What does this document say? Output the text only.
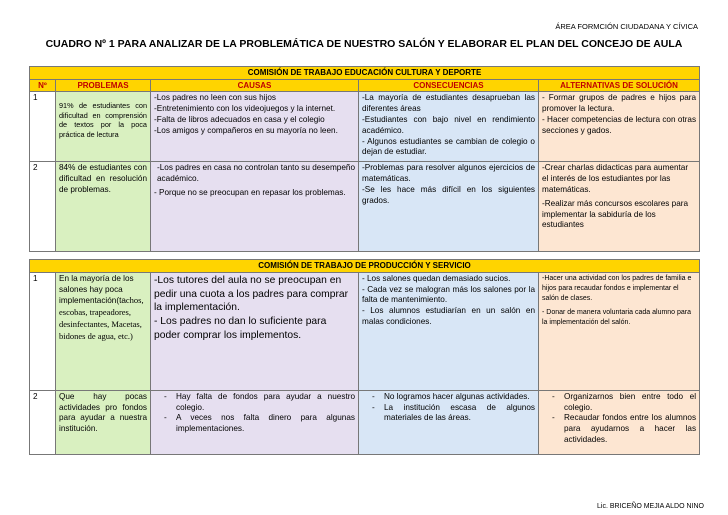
ÁREA FORMCIÓN CIUDADANA Y CÍVICA
CUADRO Nº 1 PARA ANALIZAR DE LA PROBLEMÁTICA DE NUESTRO SALÓN Y ELABORAR EL PLAN DEL CONCEJO DE AULA
COMISIÓN DE TRABAJO EDUCACIÓN CULTURA Y DEPORTE				
Nº	PROBLEMAS	CAUSAS	CONSECUENCIAS	ALTERNATIVAS DE SOLUCIÓN
1	91% de estudiantes con dificultad en comprensión de textos por la poca práctica de lectura	-Los padres no leen con sus hijos
-Entretenimiento con los videojuegos y la internet.
-Falta de libros adecuados en casa y el colegio
-Los amigos y compañeros en su mayoría no leen.	-La mayoría de estudiantes desaprueban las diferentes áreas
-Estudiantes con bajo nivel en rendimiento académico.
- Algunos estudiantes se cambian de colegio o dejan de estudiar.	- Formar grupos de padres e hijos para promover la lectura.
- Hacer competencias de lectura con otras secciones y gados.

2	84% de estudiantes con dificultad en resolución de problemas.	-Los padres en casa no controlan tanto su desempeño académico.
- Porque no se preocupan en repasar los problemas.	-Problemas para resolver algunos ejercicios de matemáticas.
-Se les hace más difícil en los siguientes grados.	-Crear charlas didacticas para aumentar el interés de los estudiantes por las matemáticas.
-Realizar más concursos escolares para implementar la sabiduría de los estudiantes

COMISIÓN DE TRABAJO DE PRODUCCIÓN Y SERVICIO				
1	En la mayoría de los salones hay poca implementación(tachos, escobas, trapeadores, desinfectantes, Macetas, bidones de agua, etc.)	-Los tutores del aula no se preocupan en pedir una cuota a los padres para comprar la implementación.
- Los padres no dan lo suficiente para poder comprar los implementos.	- Los salones quedan demasiado sucios.
- Cada vez se malogran más los salones por la falta de mantenimiento.
- Los alumnos estudiarían en un salón en malas condiciones.	-Hacer una actividad con los padres de familia e hijos para recaudar fondos e implementar el salón de clases.
- Donar de manera voluntaria cada alumno para la implementación del salón.

2	Que hay pocas actividades pro fondos para ayudar a nuestra institución.	- Hay falta de fondos para ayudar a nuestro colegio.
- A veces nos falta dinero para algunas implementaciones.	- No logramos hacer algunas actividades.
- La institución escasa de algunos materiales de las áreas.	- Organizarnos bien entre todo el colegio.
- Recaudar fondos entre los alumnos para ayudarnos a hacer las actividades.
Lic. BRICEÑO MEJIA ALDO NINO
